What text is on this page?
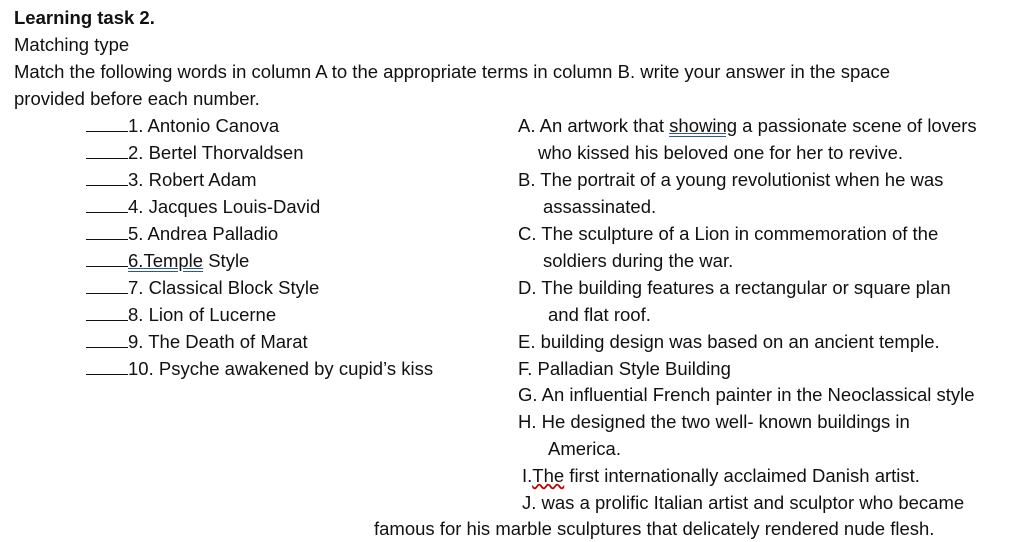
Learning task 2.
Matching type
Match the following words in column A to the appropriate terms in column B. write your answer in the space
provided before each number.
1. Antonio Canova
2. Bertel Thorvaldsen
3. Robert Adam
4. Jacques Louis-David
5. Andrea Palladio
6.Temple Style
7. Classical Block Style
8. Lion of Lucerne
9. The Death of Marat
10. Psyche awakened by cupid’s kiss
A. An artwork that showing a passionate scene of lovers
who kissed his beloved one for her to revive.
B. The portrait of a young revolutionist when he was
assassinated.
C. The sculpture of a Lion in commemoration of the
soldiers during the war.
D. The building features a rectangular or square plan
and flat roof.
E. building design was based on an ancient temple.
F. Palladian Style Building
G. An influential French painter in the Neoclassical style
H. He designed the two well- known buildings in
America.
I.The first internationally acclaimed Danish artist.
J. was a prolific Italian artist and sculptor who became
famous for his marble sculptures that delicately rendered nude flesh.
